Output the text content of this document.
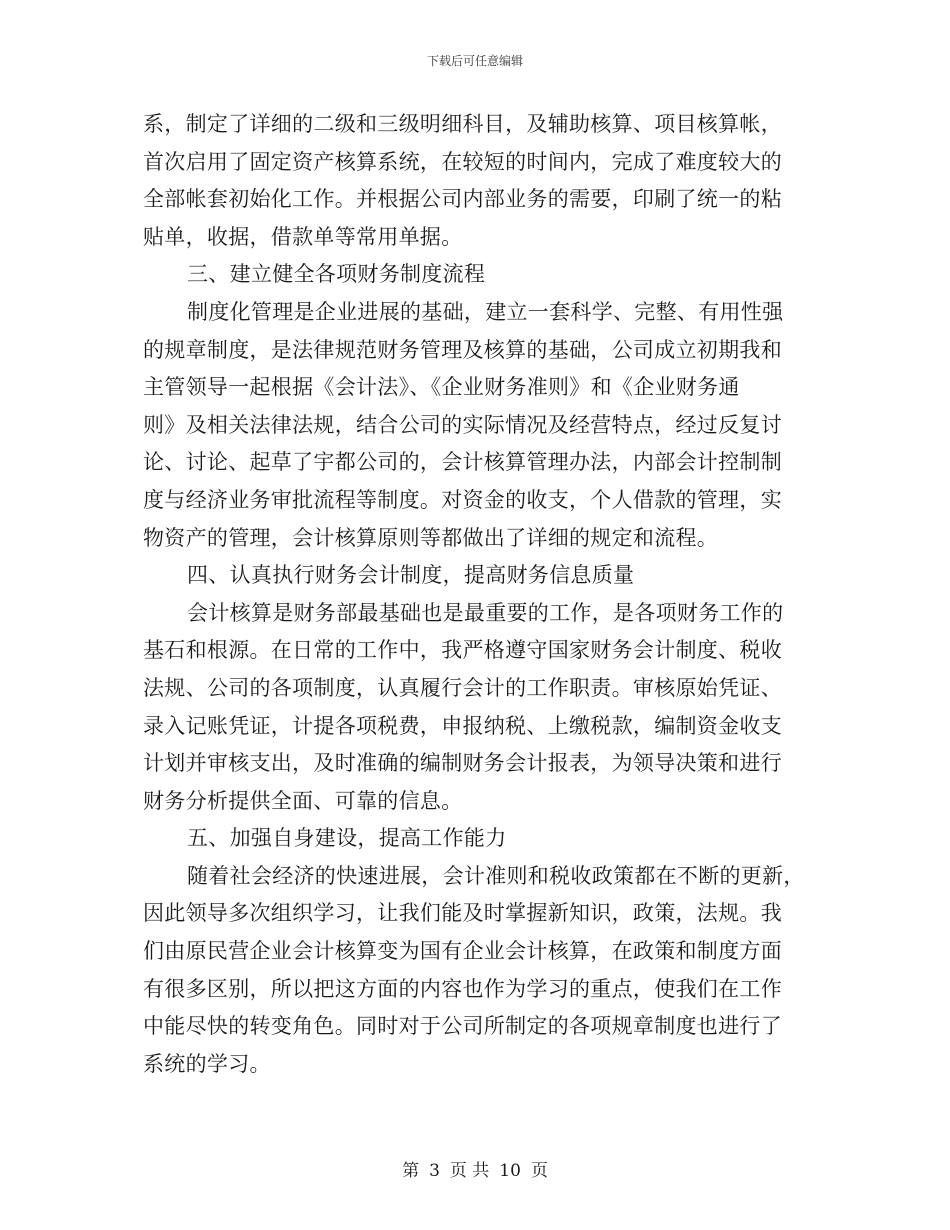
下载后可任意编辑
系，制定了详细的二级和三级明细科目，及辅助核算、项目核算帐，
首次启用了固定资产核算系统，在较短的时间内，完成了难度较大的
全部帐套初始化工作。并根据公司内部业务的需要，印刷了统一的粘
贴单，收据，借款单等常用单据。
三、建立健全各项财务制度流程
制度化管理是企业进展的基础，建立一套科学、完整、有用性强
的规章制度，是法律规范财务管理及核算的基础，公司成立初期我和
主管领导一起根据《会计法》、《企业财务准则》和《企业财务通
则》及相关法律法规，结合公司的实际情况及经营特点，经过反复讨
论、讨论、起草了宇都公司的，会计核算管理办法，内部会计控制制
度与经济业务审批流程等制度。对资金的收支，个人借款的管理，实
物资产的管理，会计核算原则等都做出了详细的规定和流程。
四、认真执行财务会计制度，提高财务信息质量
会计核算是财务部最基础也是最重要的工作，是各项财务工作的
基石和根源。在日常的工作中，我严格遵守国家财务会计制度、税收
法规、公司的各项制度，认真履行会计的工作职责。审核原始凭证、
录入记账凭证，计提各项税费，申报纳税、上缴税款，编制资金收支
计划并审核支出，及时准确的编制财务会计报表，为领导决策和进行
财务分析提供全面、可靠的信息。
五、加强自身建设，提高工作能力
随着社会经济的快速进展，会计准则和税收政策都在不断的更新，
因此领导多次组织学习，让我们能及时掌握新知识，政策，法规。我
们由原民营企业会计核算变为国有企业会计核算，在政策和制度方面
有很多区别，所以把这方面的内容也作为学习的重点，使我们在工作
中能尽快的转变角色。同时对于公司所制定的各项规章制度也进行了
系统的学习。
第 3 页 共 10 页
